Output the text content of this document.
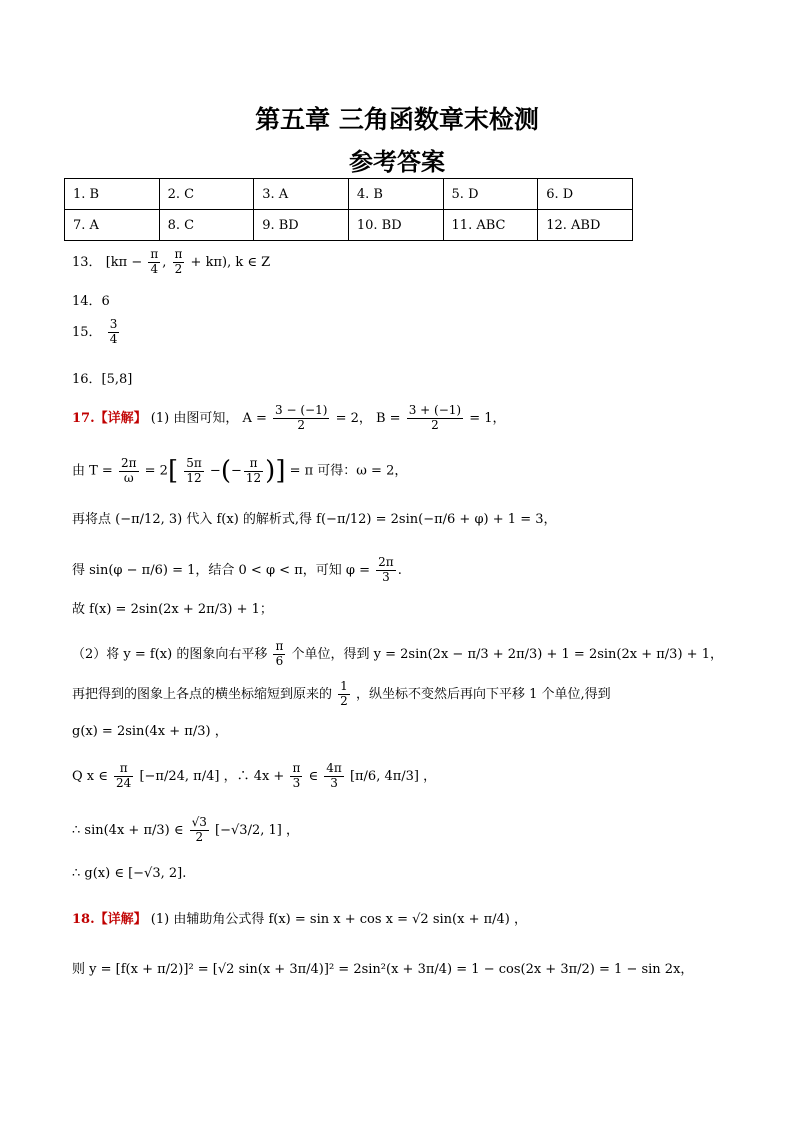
第五章 三角函数章末检测
参考答案
1. B	2. C	3. A	4. B	5. D	6. D
7. A	8. C	9. BD	10. BD	11. ABC	12. ABD
13． [$k\pi - \frac{\pi}{4}$ , $\frac{\pi}{2} + k\pi$), k ∈ Z
14．6
15． $\frac{3}{4}$
16．[5,8]
17.【详解】 (1) 由图可知， $A = \frac{3 - (-1)}{2} = 2$， $B = \frac{3 + (-1)}{2} = 1$，
由 $T = \frac{2\pi}{\omega} = 2[ \frac{5\pi}{12}$ −(− $\frac{\pi}{12}$ )] = π 可得：ω = 2，
再将点 (−π/12, 3) 代入 f(x) 的解析式,得 f(−π/12) = 2sin(−π/6 + φ) + 1 = 3，
得 sin(φ − π/6) = 1，结合 0 < φ < π，可知 $\varphi = \frac{2\pi}{3}$ .
故 f(x) = 2sin(2x + 2π/3) + 1；
（2）将 y = f(x) 的图象向右平移 $\frac{\pi}{6}$ 个单位，得到 y = 2sin(2x − π/3 + 2π/3) + 1 = 2sin(2x + π/3) + 1，
再把得到的图象上各点的横坐标缩短到原来的 $\frac{1}{2}$ ，纵坐标不变然后再向下平移 1 个单位,得到
g(x) = 2sin(4x + π/3) ，
Q x ∈ $\frac{\pi}{24} [-\pi/24$, π/4] ，∴ $4x + \frac{\pi}{3}$ ∈ $\frac{4\pi}{3} [\pi/6$, 4π/3] ，
∴ sin(4x + π/3) ∈ $\frac{√3}{2} [-√3/2$, 1] ，
∴ g(x) ∈ [−√3, 2].
18.【详解】 (1) 由辅助角公式得 f(x) = sin x + cos x = √2 sin(x + π/4) ，
则 y = [f(x + π/2)]² = [√2 sin(x + 3π/4)]² = 2sin²(x + 3π/4) = 1 − cos(2x + 3π/2) = 1 − sin 2x，
